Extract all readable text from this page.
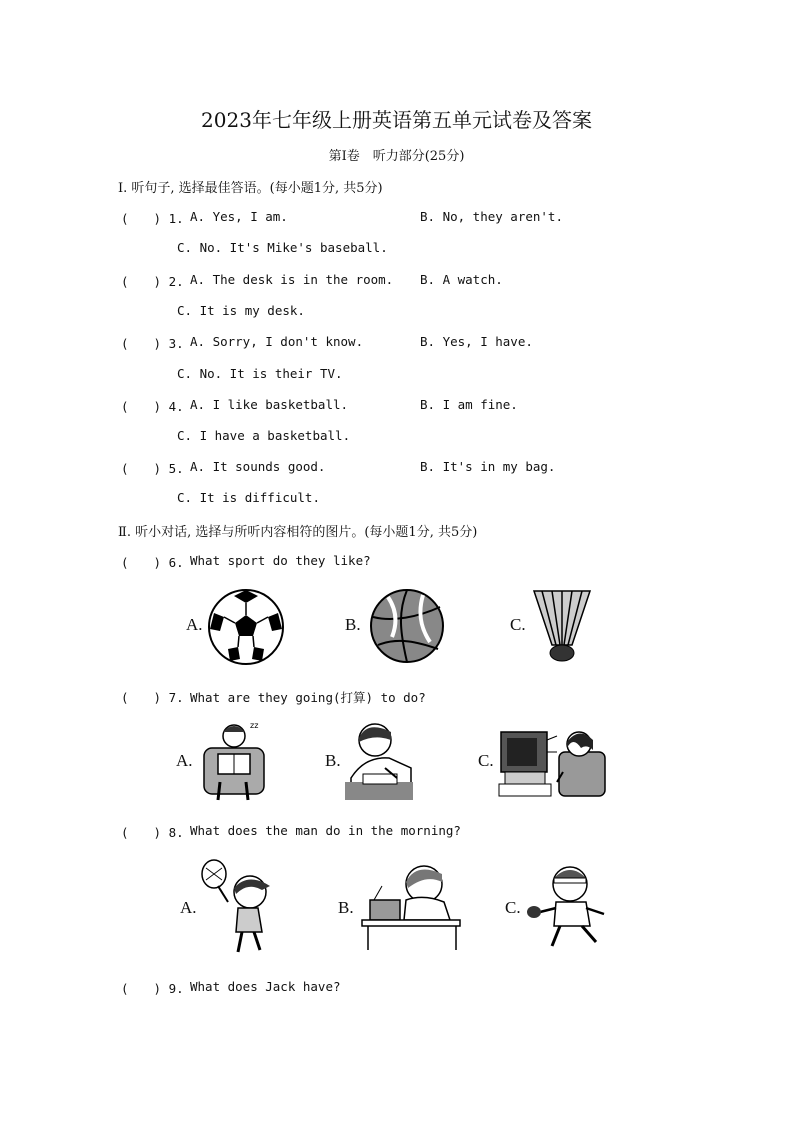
2023年七年级上册英语第五单元试卷及答案
第Ⅰ卷　听力部分(25分)
Ⅰ. 听句子, 选择最佳答语。(每小题1分, 共5分)
(　　) 1. A. Yes, I am.	B. No, they aren't.
C. No. It's Mike's baseball.
(　　) 2. A. The desk is in the room. B. A watch.
C. It is my desk.
(　　) 3. A. Sorry, I don't know.	B. Yes, I have.
C. No. It is their TV.
(　　) 4. A. I like basketball.	B. I am fine.
C. I have a basketball.
(　　) 5. A. It sounds good.	B. It's in my bag.
C. It is difficult.
Ⅱ. 听小对话, 选择与所听内容相符的图片。(每小题1分, 共5分)
(　　) 6. What sport do they like?
A.	B.	C.
(　　) 7. What are they going(打算) to do?
A.
zz
B.	C.
(　　) 8. What does the man do in the morning?
A.	B.	C.
(　　) 9. What does Jack have?
